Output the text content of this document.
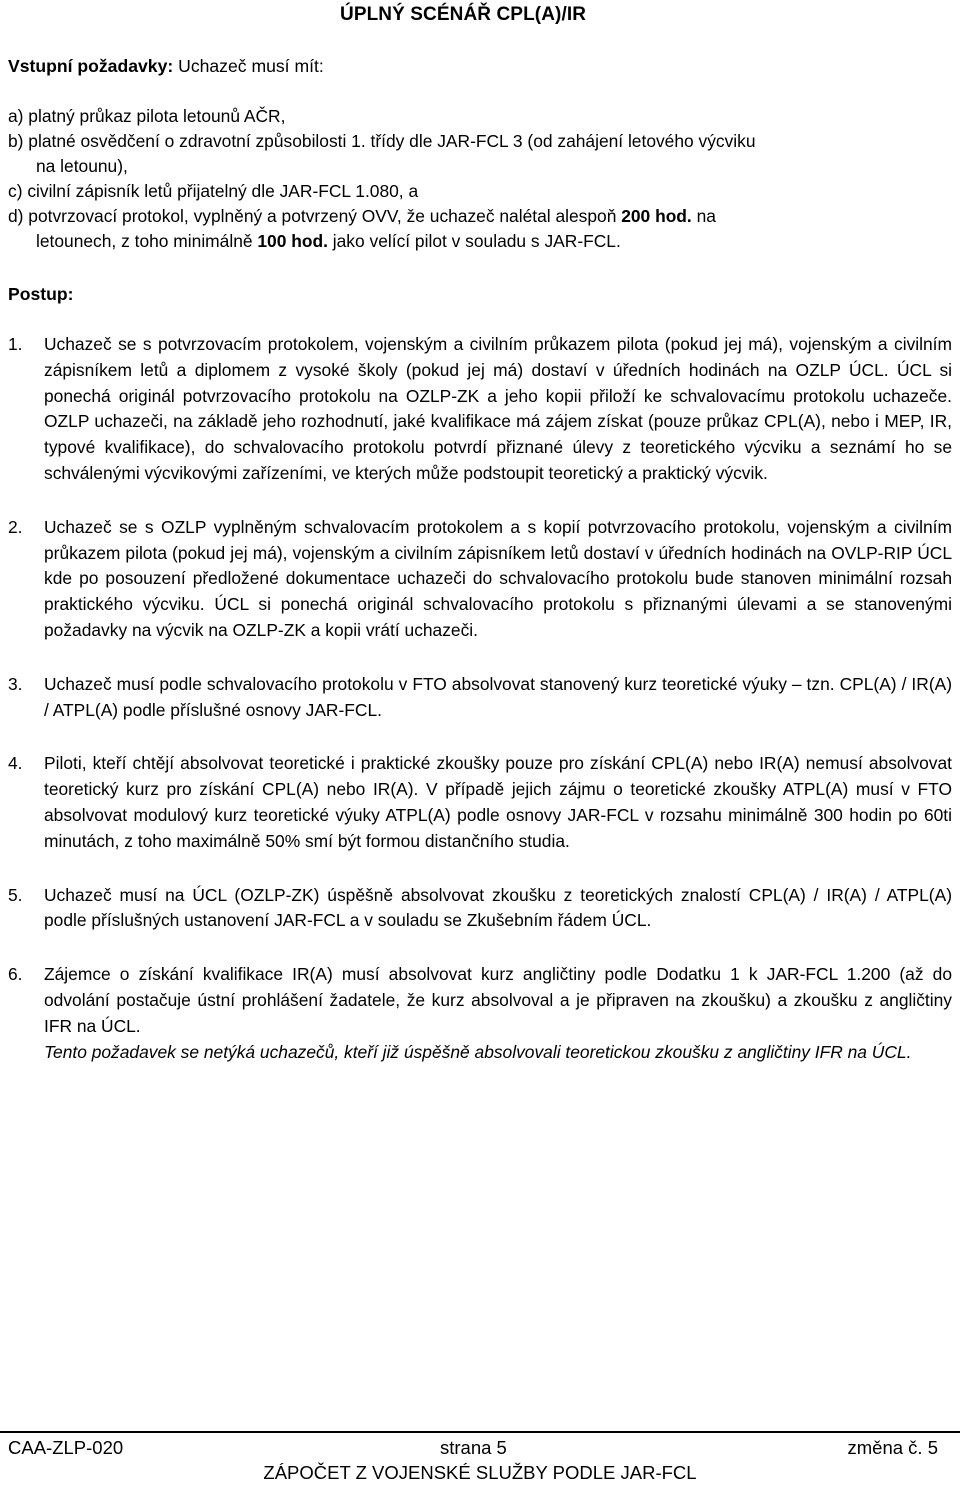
ÚPLNÝ SCÉNÁŘ CPL(A)/IR
Vstupní požadavky: Uchazeč musí mít:
a) platný průkaz pilota letounů AČR,
b) platné osvědčení o zdravotní způsobilosti 1. třídy dle JAR-FCL 3 (od zahájení letového výcviku
na letounu),
c) civilní zápisník letů přijatelný dle JAR-FCL 1.080, a
d) potvrzovací protokol, vyplněný a potvrzený OVV, že uchazeč nalétal alespoň 200 hod. na
letounech, z toho minimálně 100 hod. jako velící pilot v souladu s JAR-FCL.
Postup:
1. Uchazeč se s potvrzovacím protokolem, vojenským a civilním průkazem pilota (pokud jej má), vojenským a civilním zápisníkem letů a diplomem z vysoké školy (pokud jej má) dostaví v úředních hodinách na OZLP ÚCL. ÚCL si ponechá originál potvrzovacího protokolu na OZLP-ZK a jeho kopii přiloží ke schvalovacímu protokolu uchazeče. OZLP uchazeči, na základě jeho rozhodnutí, jaké kvalifikace má zájem získat (pouze průkaz CPL(A), nebo i MEP, IR, typové kvalifikace), do schvalovacího protokolu potvrdí přiznané úlevy z teoretického výcviku a seznámí ho se schválenými výcvikovými zařízeními, ve kterých může podstoupit teoretický a praktický výcvik.

2. Uchazeč se s OZLP vyplněným schvalovacím protokolem a s kopií potvrzovacího protokolu, vojenským a civilním průkazem pilota (pokud jej má), vojenským a civilním zápisníkem letů dostaví v úředních hodinách na OVLP-RIP ÚCL kde po posouzení předložené dokumentace uchazeči do schvalovacího protokolu bude stanoven minimální rozsah praktického výcviku. ÚCL si ponechá originál schvalovacího protokolu s přiznanými úlevami a se stanovenými požadavky na výcvik na OZLP-ZK a kopii vrátí uchazeči.

3. Uchazeč musí podle schvalovacího protokolu v FTO absolvovat stanovený kurz teoretické výuky – tzn. CPL(A) / IR(A) / ATPL(A) podle příslušné osnovy JAR-FCL.

4. Piloti, kteří chtějí absolvovat teoretické i praktické zkoušky pouze pro získání CPL(A) nebo IR(A) nemusí absolvovat teoretický kurz pro získání CPL(A) nebo IR(A). V případě jejich zájmu o teoretické zkoušky ATPL(A) musí v FTO absolvovat modulový kurz teoretické výuky ATPL(A) podle osnovy JAR-FCL v rozsahu minimálně 300 hodin po 60ti minutách, z toho maximálně 50% smí být formou distančního studia.

5. Uchazeč musí na ÚCL (OZLP-ZK) úspěšně absolvovat zkoušku z teoretických znalostí CPL(A) / IR(A) / ATPL(A) podle příslušných ustanovení JAR-FCL a v souladu se Zkušebním řádem ÚCL.

6. Zájemce o získání kvalifikace IR(A) musí absolvovat kurz angličtiny podle Dodatku 1 k JAR-FCL 1.200 (až do odvolání postačuje ústní prohlášení žadatele, že kurz absolvoval a je připraven na zkoušku) a zkoušku z angličtiny IFR na ÚCL.

Tento požadavek se netýká uchazečů, kteří již úspěšně absolvovali teoretickou zkoušku z angličtiny IFR na ÚCL.

CAA-ZLP-020	strana 5	změna č. 5
ZÁPOČET Z VOJENSKÉ SLUŽBY PODLE JAR-FCL
